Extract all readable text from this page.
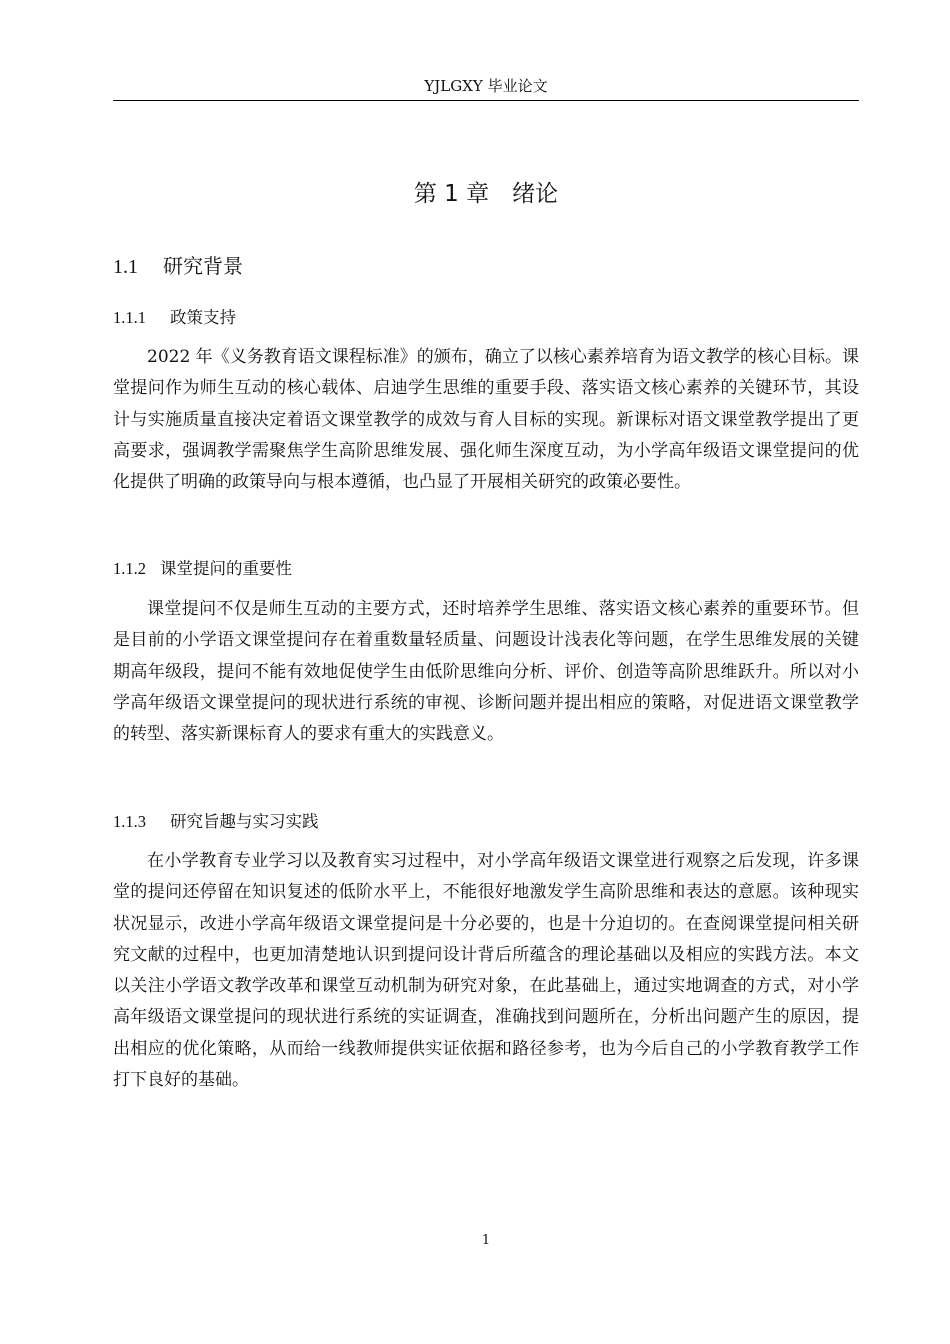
YJLGXY 毕业论文
第 1 章　绪论
1.1 研究背景
1.1.1 政策支持

2022 年《义务教育语文课程标准》的颁布，确立了以核心素养培育为语文教学的核心目标。课堂提问作为师生互动的核心载体、启迪学生思维的重要手段、落实语文核心素养的关键环节，其设计与实施质量直接决定着语文课堂教学的成效与育人目标的实现。新课标对语文课堂教学提出了更高要求，强调教学需聚焦学生高阶思维发展、强化师生深度互动，为小学高年级语文课堂提问的优化提供了明确的政策导向与根本遵循，也凸显了开展相关研究的政策必要性。

1.1.2 课堂提问的重要性

课堂提问不仅是师生互动的主要方式，还时培养学生思维、落实语文核心素养的重要环节。但是目前的小学语文课堂提问存在着重数量轻质量、问题设计浅表化等问题，在学生思维发展的关键期高年级段，提问不能有效地促使学生由低阶思维向分析、评价、创造等高阶思维跃升。所以对小学高年级语文课堂提问的现状进行系统的审视、诊断问题并提出相应的策略，对促进语文课堂教学的转型、落实新课标育人的要求有重大的实践意义。

1.1.3 研究旨趣与实习实践

在小学教育专业学习以及教育实习过程中，对小学高年级语文课堂进行观察之后发现，许多课堂的提问还停留在知识复述的低阶水平上，不能很好地激发学生高阶思维和表达的意愿。该种现实状况显示，改进小学高年级语文课堂提问是十分必要的，也是十分迫切的。在查阅课堂提问相关研究文献的过程中，也更加清楚地认识到提问设计背后所蕴含的理论基础以及相应的实践方法。本文以关注小学语文教学改革和课堂互动机制为研究对象，在此基础上，通过实地调查的方式，对小学高年级语文课堂提问的现状进行系统的实证调查，准确找到问题所在，分析出问题产生的原因，提出相应的优化策略，从而给一线教师提供实证依据和路径参考，也为今后自己的小学教育教学工作打下良好的基础。

1
